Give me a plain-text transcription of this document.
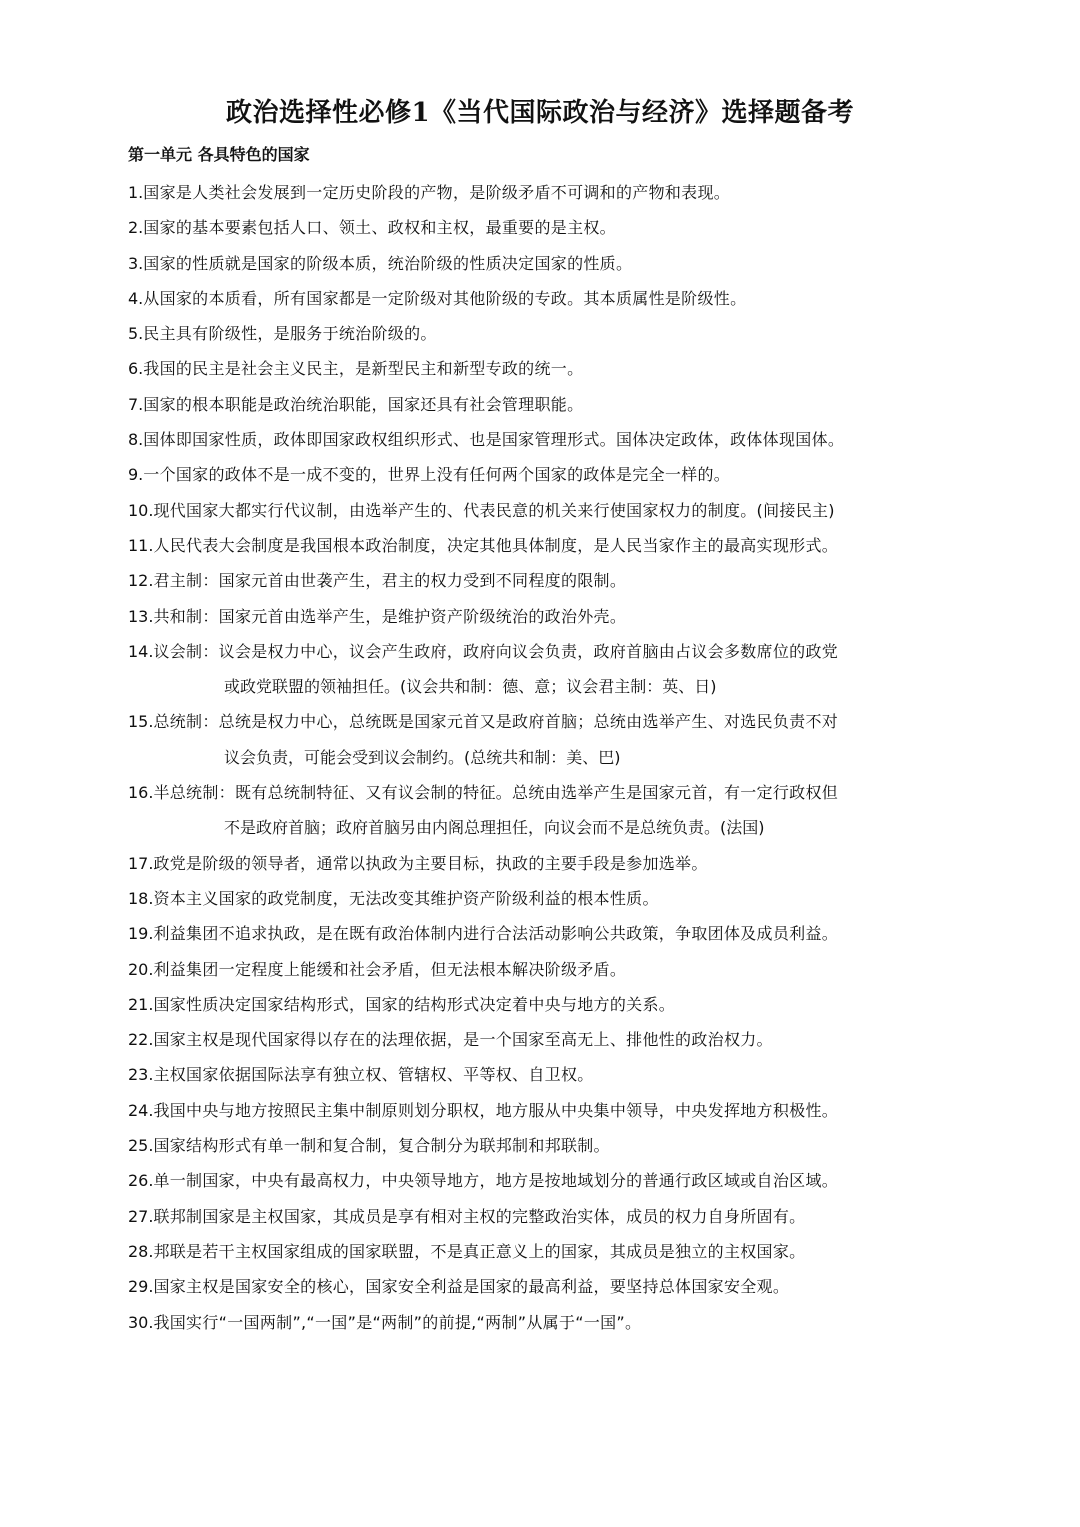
政治选择性必修1《当代国际政治与经济》选择题备考
第一单元 各具特色的国家
1.国家是人类社会发展到一定历史阶段的产物，是阶级矛盾不可调和的产物和表现。
2.国家的基本要素包括人口、领土、政权和主权，最重要的是主权。
3.国家的性质就是国家的阶级本质，统治阶级的性质决定国家的性质。
4.从国家的本质看，所有国家都是一定阶级对其他阶级的专政。其本质属性是阶级性。
5.民主具有阶级性，是服务于统治阶级的。
6.我国的民主是社会主义民主，是新型民主和新型专政的统一。
7.国家的根本职能是政治统治职能，国家还具有社会管理职能。
8.国体即国家性质，政体即国家政权组织形式、也是国家管理形式。国体决定政体，政体体现国体。
9.一个国家的政体不是一成不变的，世界上没有任何两个国家的政体是完全一样的。
10.现代国家大都实行代议制，由选举产生的、代表民意的机关来行使国家权力的制度。(间接民主)
11.人民代表大会制度是我国根本政治制度，决定其他具体制度，是人民当家作主的最高实现形式。
12.君主制：国家元首由世袭产生，君主的权力受到不同程度的限制。
13.共和制：国家元首由选举产生，是维护资产阶级统治的政治外壳。
14.议会制：议会是权力中心，议会产生政府，政府向议会负责，政府首脑由占议会多数席位的政党
或政党联盟的领袖担任。(议会共和制：德、意；议会君主制：英、日)
15.总统制：总统是权力中心，总统既是国家元首又是政府首脑；总统由选举产生、对选民负责不对
议会负责，可能会受到议会制约。(总统共和制：美、巴)
16.半总统制：既有总统制特征、又有议会制的特征。总统由选举产生是国家元首，有一定行政权但
不是政府首脑；政府首脑另由内阁总理担任，向议会而不是总统负责。(法国)
17.政党是阶级的领导者，通常以执政为主要目标，执政的主要手段是参加选举。
18.资本主义国家的政党制度，无法改变其维护资产阶级利益的根本性质。
19.利益集团不追求执政，是在既有政治体制内进行合法活动影响公共政策，争取团体及成员利益。
20.利益集团一定程度上能缓和社会矛盾，但无法根本解决阶级矛盾。
21.国家性质决定国家结构形式，国家的结构形式决定着中央与地方的关系。
22.国家主权是现代国家得以存在的法理依据，是一个国家至高无上、排他性的政治权力。
23.主权国家依据国际法享有独立权、管辖权、平等权、自卫权。
24.我国中央与地方按照民主集中制原则划分职权，地方服从中央集中领导，中央发挥地方积极性。
25.国家结构形式有单一制和复合制，复合制分为联邦制和邦联制。
26.单一制国家，中央有最高权力，中央领导地方，地方是按地域划分的普通行政区域或自治区域。
27.联邦制国家是主权国家，其成员是享有相对主权的完整政治实体，成员的权力自身所固有。
28.邦联是若干主权国家组成的国家联盟，不是真正意义上的国家，其成员是独立的主权国家。
29.国家主权是国家安全的核心，国家安全利益是国家的最高利益，要坚持总体国家安全观。
30.我国实行“一国两制”,“一国”是“两制”的前提,“两制”从属于“一国”。
